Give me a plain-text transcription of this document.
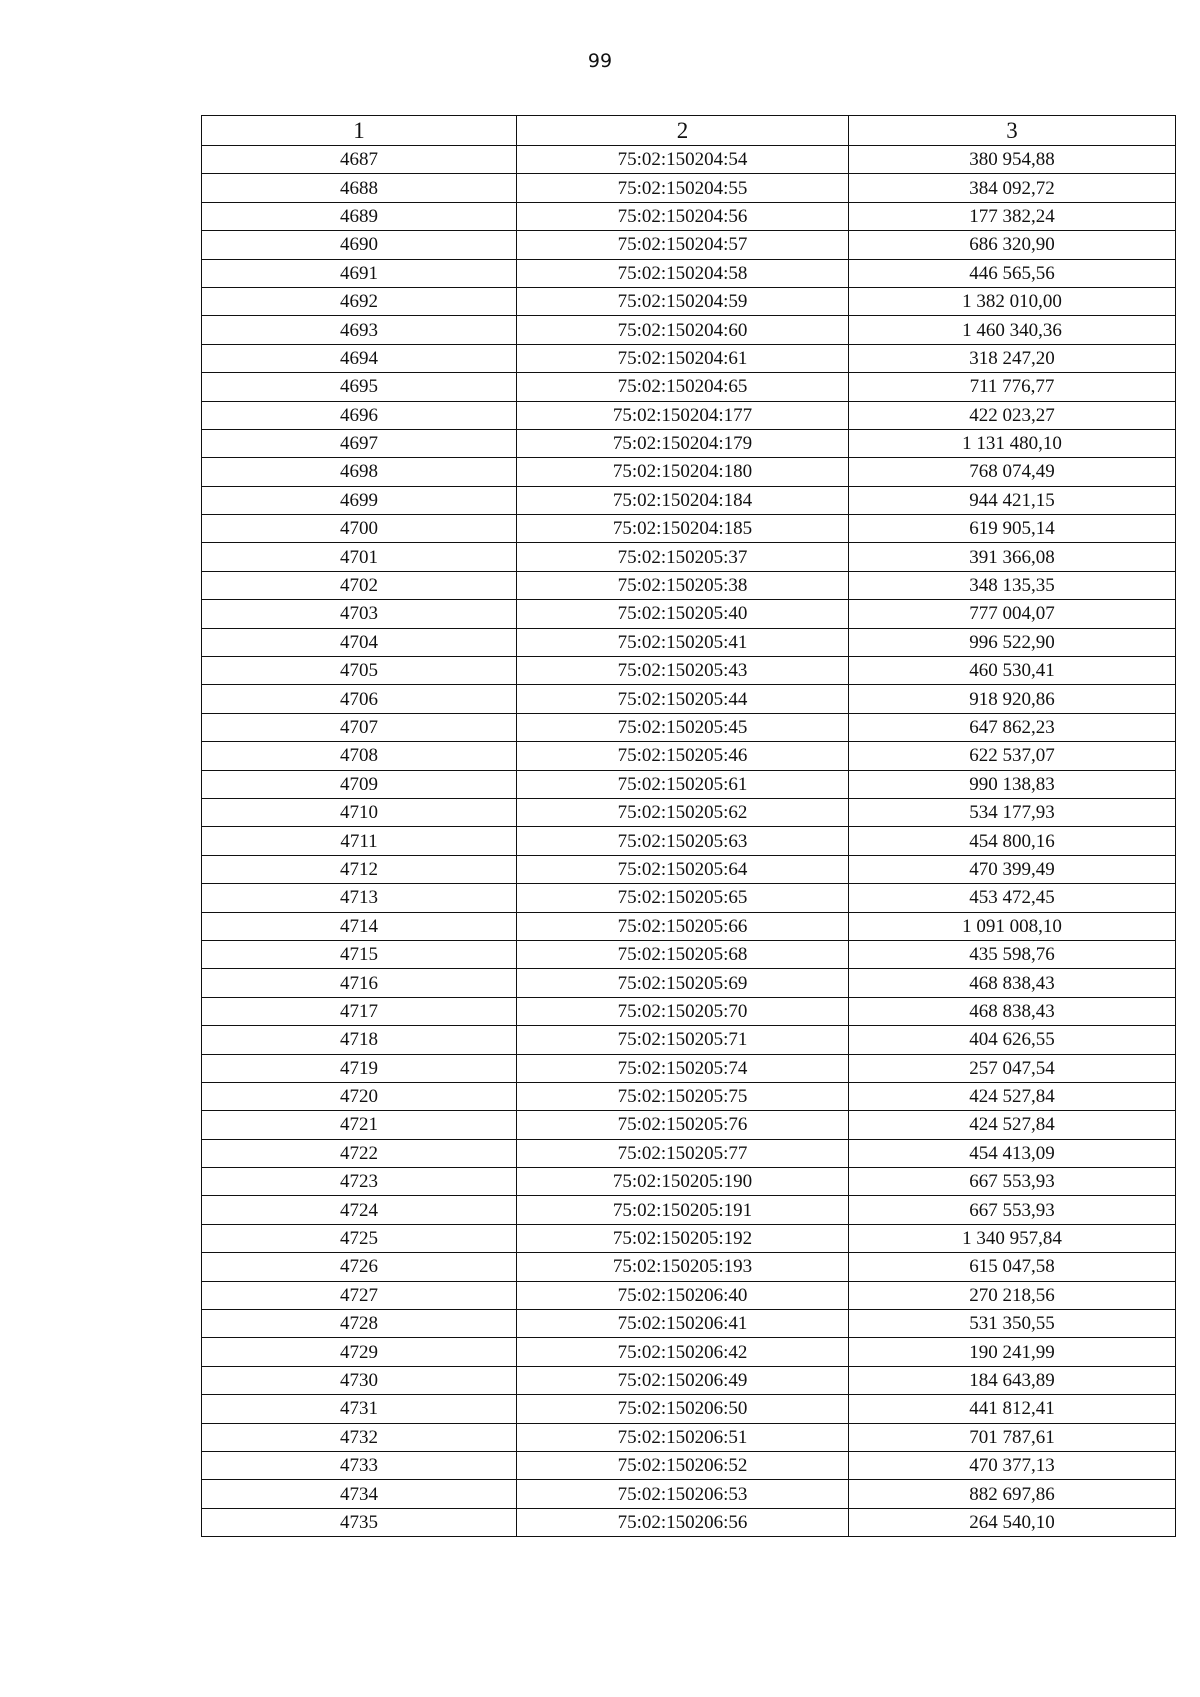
99
1	2	3
4687	75:02:150204:54	380 954,88
4688	75:02:150204:55	384 092,72
4689	75:02:150204:56	177 382,24
4690	75:02:150204:57	686 320,90
4691	75:02:150204:58	446 565,56
4692	75:02:150204:59	1 382 010,00
4693	75:02:150204:60	1 460 340,36
4694	75:02:150204:61	318 247,20
4695	75:02:150204:65	711 776,77
4696	75:02:150204:177	422 023,27
4697	75:02:150204:179	1 131 480,10
4698	75:02:150204:180	768 074,49
4699	75:02:150204:184	944 421,15
4700	75:02:150204:185	619 905,14
4701	75:02:150205:37	391 366,08
4702	75:02:150205:38	348 135,35
4703	75:02:150205:40	777 004,07
4704	75:02:150205:41	996 522,90
4705	75:02:150205:43	460 530,41
4706	75:02:150205:44	918 920,86
4707	75:02:150205:45	647 862,23
4708	75:02:150205:46	622 537,07
4709	75:02:150205:61	990 138,83
4710	75:02:150205:62	534 177,93
4711	75:02:150205:63	454 800,16
4712	75:02:150205:64	470 399,49
4713	75:02:150205:65	453 472,45
4714	75:02:150205:66	1 091 008,10
4715	75:02:150205:68	435 598,76
4716	75:02:150205:69	468 838,43
4717	75:02:150205:70	468 838,43
4718	75:02:150205:71	404 626,55
4719	75:02:150205:74	257 047,54
4720	75:02:150205:75	424 527,84
4721	75:02:150205:76	424 527,84
4722	75:02:150205:77	454 413,09
4723	75:02:150205:190	667 553,93
4724	75:02:150205:191	667 553,93
4725	75:02:150205:192	1 340 957,84
4726	75:02:150205:193	615 047,58
4727	75:02:150206:40	270 218,56
4728	75:02:150206:41	531 350,55
4729	75:02:150206:42	190 241,99
4730	75:02:150206:49	184 643,89
4731	75:02:150206:50	441 812,41
4732	75:02:150206:51	701 787,61
4733	75:02:150206:52	470 377,13
4734	75:02:150206:53	882 697,86
4735	75:02:150206:56	264 540,10
